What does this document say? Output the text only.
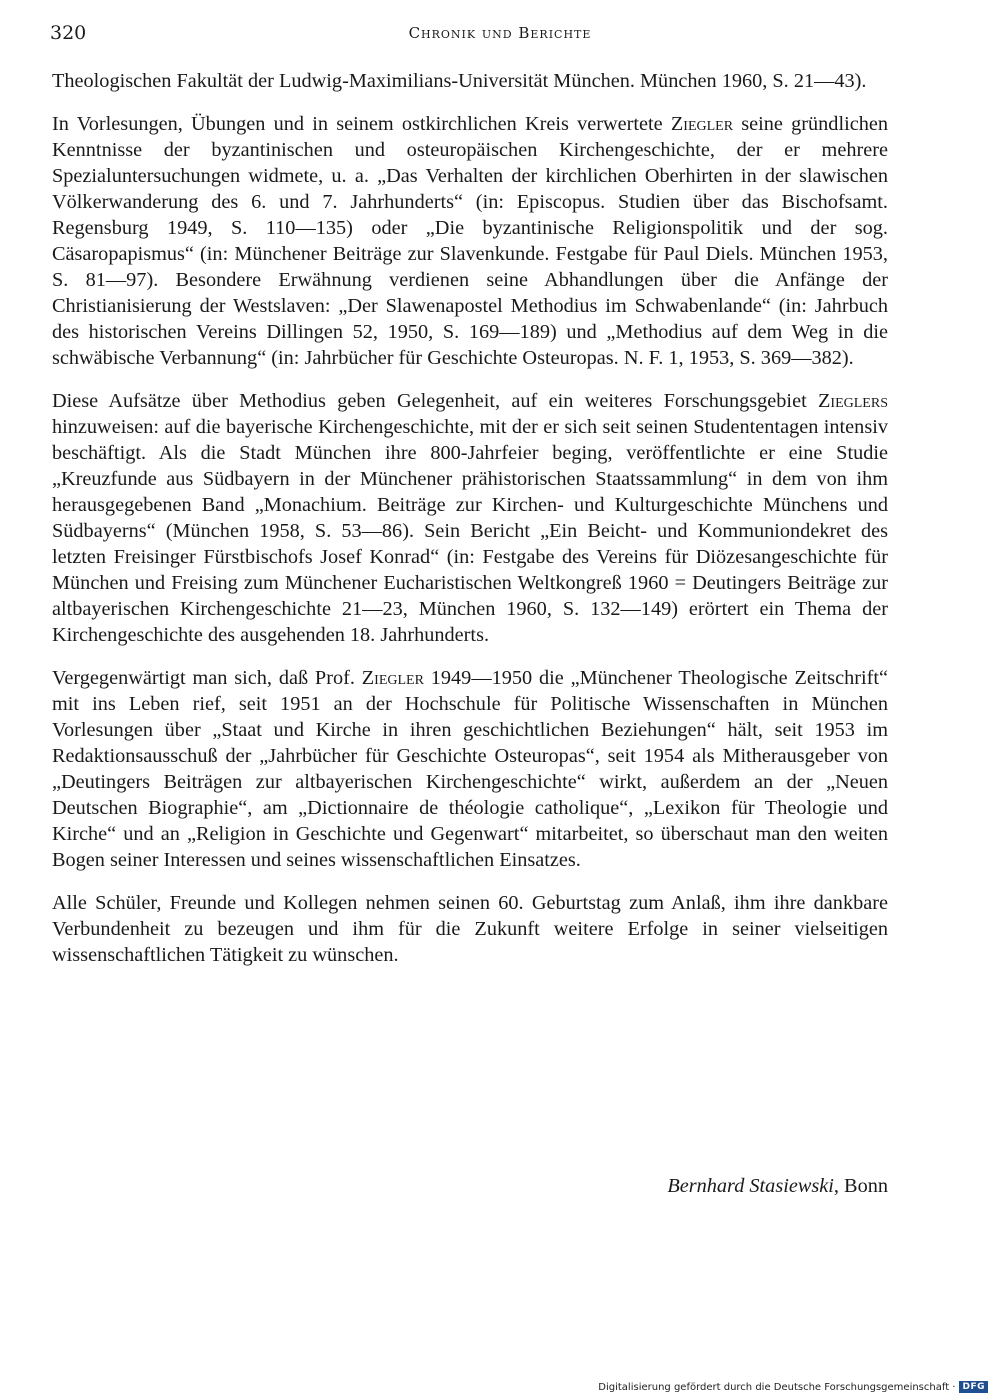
320	Chronik und Berichte

Theologischen Fakultät der Ludwig-Maximilians-Universität München. München 1960, S. 21—43).

In Vorlesungen, Übungen und in seinem ostkirchlichen Kreis verwertete Ziegler seine gründlichen Kenntnisse der byzantinischen und osteuropäischen Kirchengeschichte, der er mehrere Spezialuntersuchungen widmete, u. a. „Das Verhalten der kirchlichen Oberhirten in der slawischen Völkerwanderung des 6. und 7. Jahrhunderts“ (in: Episcopus. Studien über das Bischofsamt. Regensburg 1949, S. 110—135) oder „Die byzantinische Religionspolitik und der sog. Cäsaropapismus“ (in: Münchener Beiträge zur Slavenkunde. Festgabe für Paul Diels. München 1953, S. 81—97). Besondere Erwähnung verdienen seine Abhandlungen über die Anfänge der Christianisierung der Westslaven: „Der Slawenapostel Methodius im Schwabenlande“ (in: Jahrbuch des historischen Vereins Dillingen 52, 1950, S. 169—189) und „Methodius auf dem Weg in die schwäbische Verbannung“ (in: Jahrbücher für Geschichte Osteuropas. N. F. 1, 1953, S. 369—382).

Diese Aufsätze über Methodius geben Gelegenheit, auf ein weiteres Forschungsgebiet Zieglers hinzuweisen: auf die bayerische Kirchengeschichte, mit der er sich seit seinen Studententagen intensiv beschäftigt. Als die Stadt München ihre 800-Jahrfeier beging, veröffentlichte er eine Studie „Kreuzfunde aus Südbayern in der Münchener prähistorischen Staatssammlung“ in dem von ihm herausgegebenen Band „Monachium. Beiträge zur Kirchen- und Kulturgeschichte Münchens und Südbayerns“ (München 1958, S. 53—86). Sein Bericht „Ein Beicht- und Kommuniondekret des letzten Freisinger Fürstbischofs Josef Konrad“ (in: Festgabe des Vereins für Diözesangeschichte für München und Freising zum Münchener Eucharistischen Weltkongreß 1960 = Deutingers Beiträge zur altbayerischen Kirchengeschichte 21—23, München 1960, S. 132—149) erörtert ein Thema der Kirchengeschichte des ausgehenden 18. Jahrhunderts.

Vergegenwärtigt man sich, daß Prof. Ziegler 1949—1950 die „Münchener Theologische Zeitschrift“ mit ins Leben rief, seit 1951 an der Hochschule für Politische Wissenschaften in München Vorlesungen über „Staat und Kirche in ihren geschichtlichen Beziehungen“ hält, seit 1953 im Redaktionsausschuß der „Jahrbücher für Geschichte Osteuropas“, seit 1954 als Mitherausgeber von „Deutingers Beiträgen zur altbayerischen Kirchengeschichte“ wirkt, außerdem an der „Neuen Deutschen Biographie“, am „Dictionnaire de théologie catholique“, „Lexikon für Theologie und Kirche“ und an „Religion in Geschichte und Gegenwart“ mitarbeitet, so überschaut man den weiten Bogen seiner Interessen und seines wissenschaftlichen Einsatzes.

Alle Schüler, Freunde und Kollegen nehmen seinen 60. Geburtstag zum Anlaß, ihm ihre dankbare Verbundenheit zu bezeugen und ihm für die Zukunft weitere Erfolge in seiner vielseitigen wissenschaftlichen Tätigkeit zu wünschen.

Bernhard Stasiewski, Bonn
Digitalisierung gefördert durch die Deutsche Forschungsgemeinschaft · DFG
